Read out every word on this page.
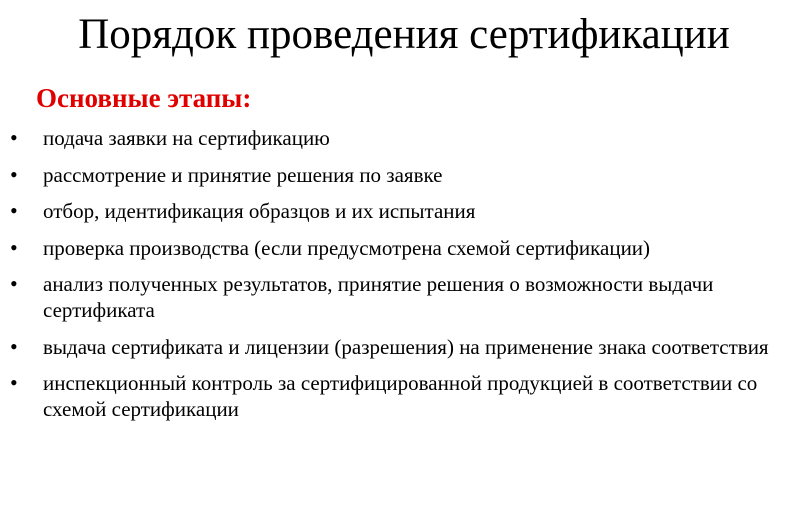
Порядок проведения сертификации
Основные этапы:
•	подача заявки на сертификацию
•	рассмотрение и принятие решения по заявке
•	отбор, идентификация образцов и их испытания
•	проверка производства (если предусмотрена схемой сертификации)
•	анализ полученных результатов, принятие решения о возможности выдачи сертификата
•	выдача сертификата и лицензии (разрешения) на применение знака соответствия
•	инспекционный контроль за сертифицированной продукцией в соответствии со схемой сертификации
